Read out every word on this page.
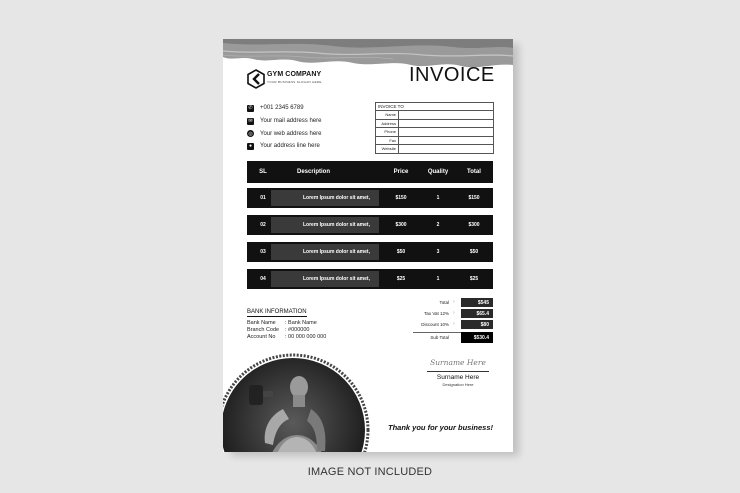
GYM COMPANY
YOUR BUSINESS SLOGAN HERE	INVOICE
✆ +001 2345 6789
✉ Your mail address here
◎ Your web address here
●	Your address line here
INVOICE TO
Name
Address
Phone
Fax
Website
SL	Description	Price	Quality	Total
01	Lorem Ipsum dolor sit amet,	$150	1	$150
02	Lorem Ipsum dolor sit amet,	$300	2	$300
03	Lorem Ipsum dolor sit amet,	$50	3	$50
04	Lorem Ipsum dolor sit amet,	$25	1	$25
BANK INFORMATION
Bank Name	: Bank Name
Branch Code	: #000000
Account No	: 00 000 000 000
Total ›	$545
Tax Vat 12% ›	$65.4
Discount 10% ›	$80
Sub Total	$530.4
Surname Here
Surname Here
Designation Here
Thank you for your business!
IMAGE NOT INCLUDED
